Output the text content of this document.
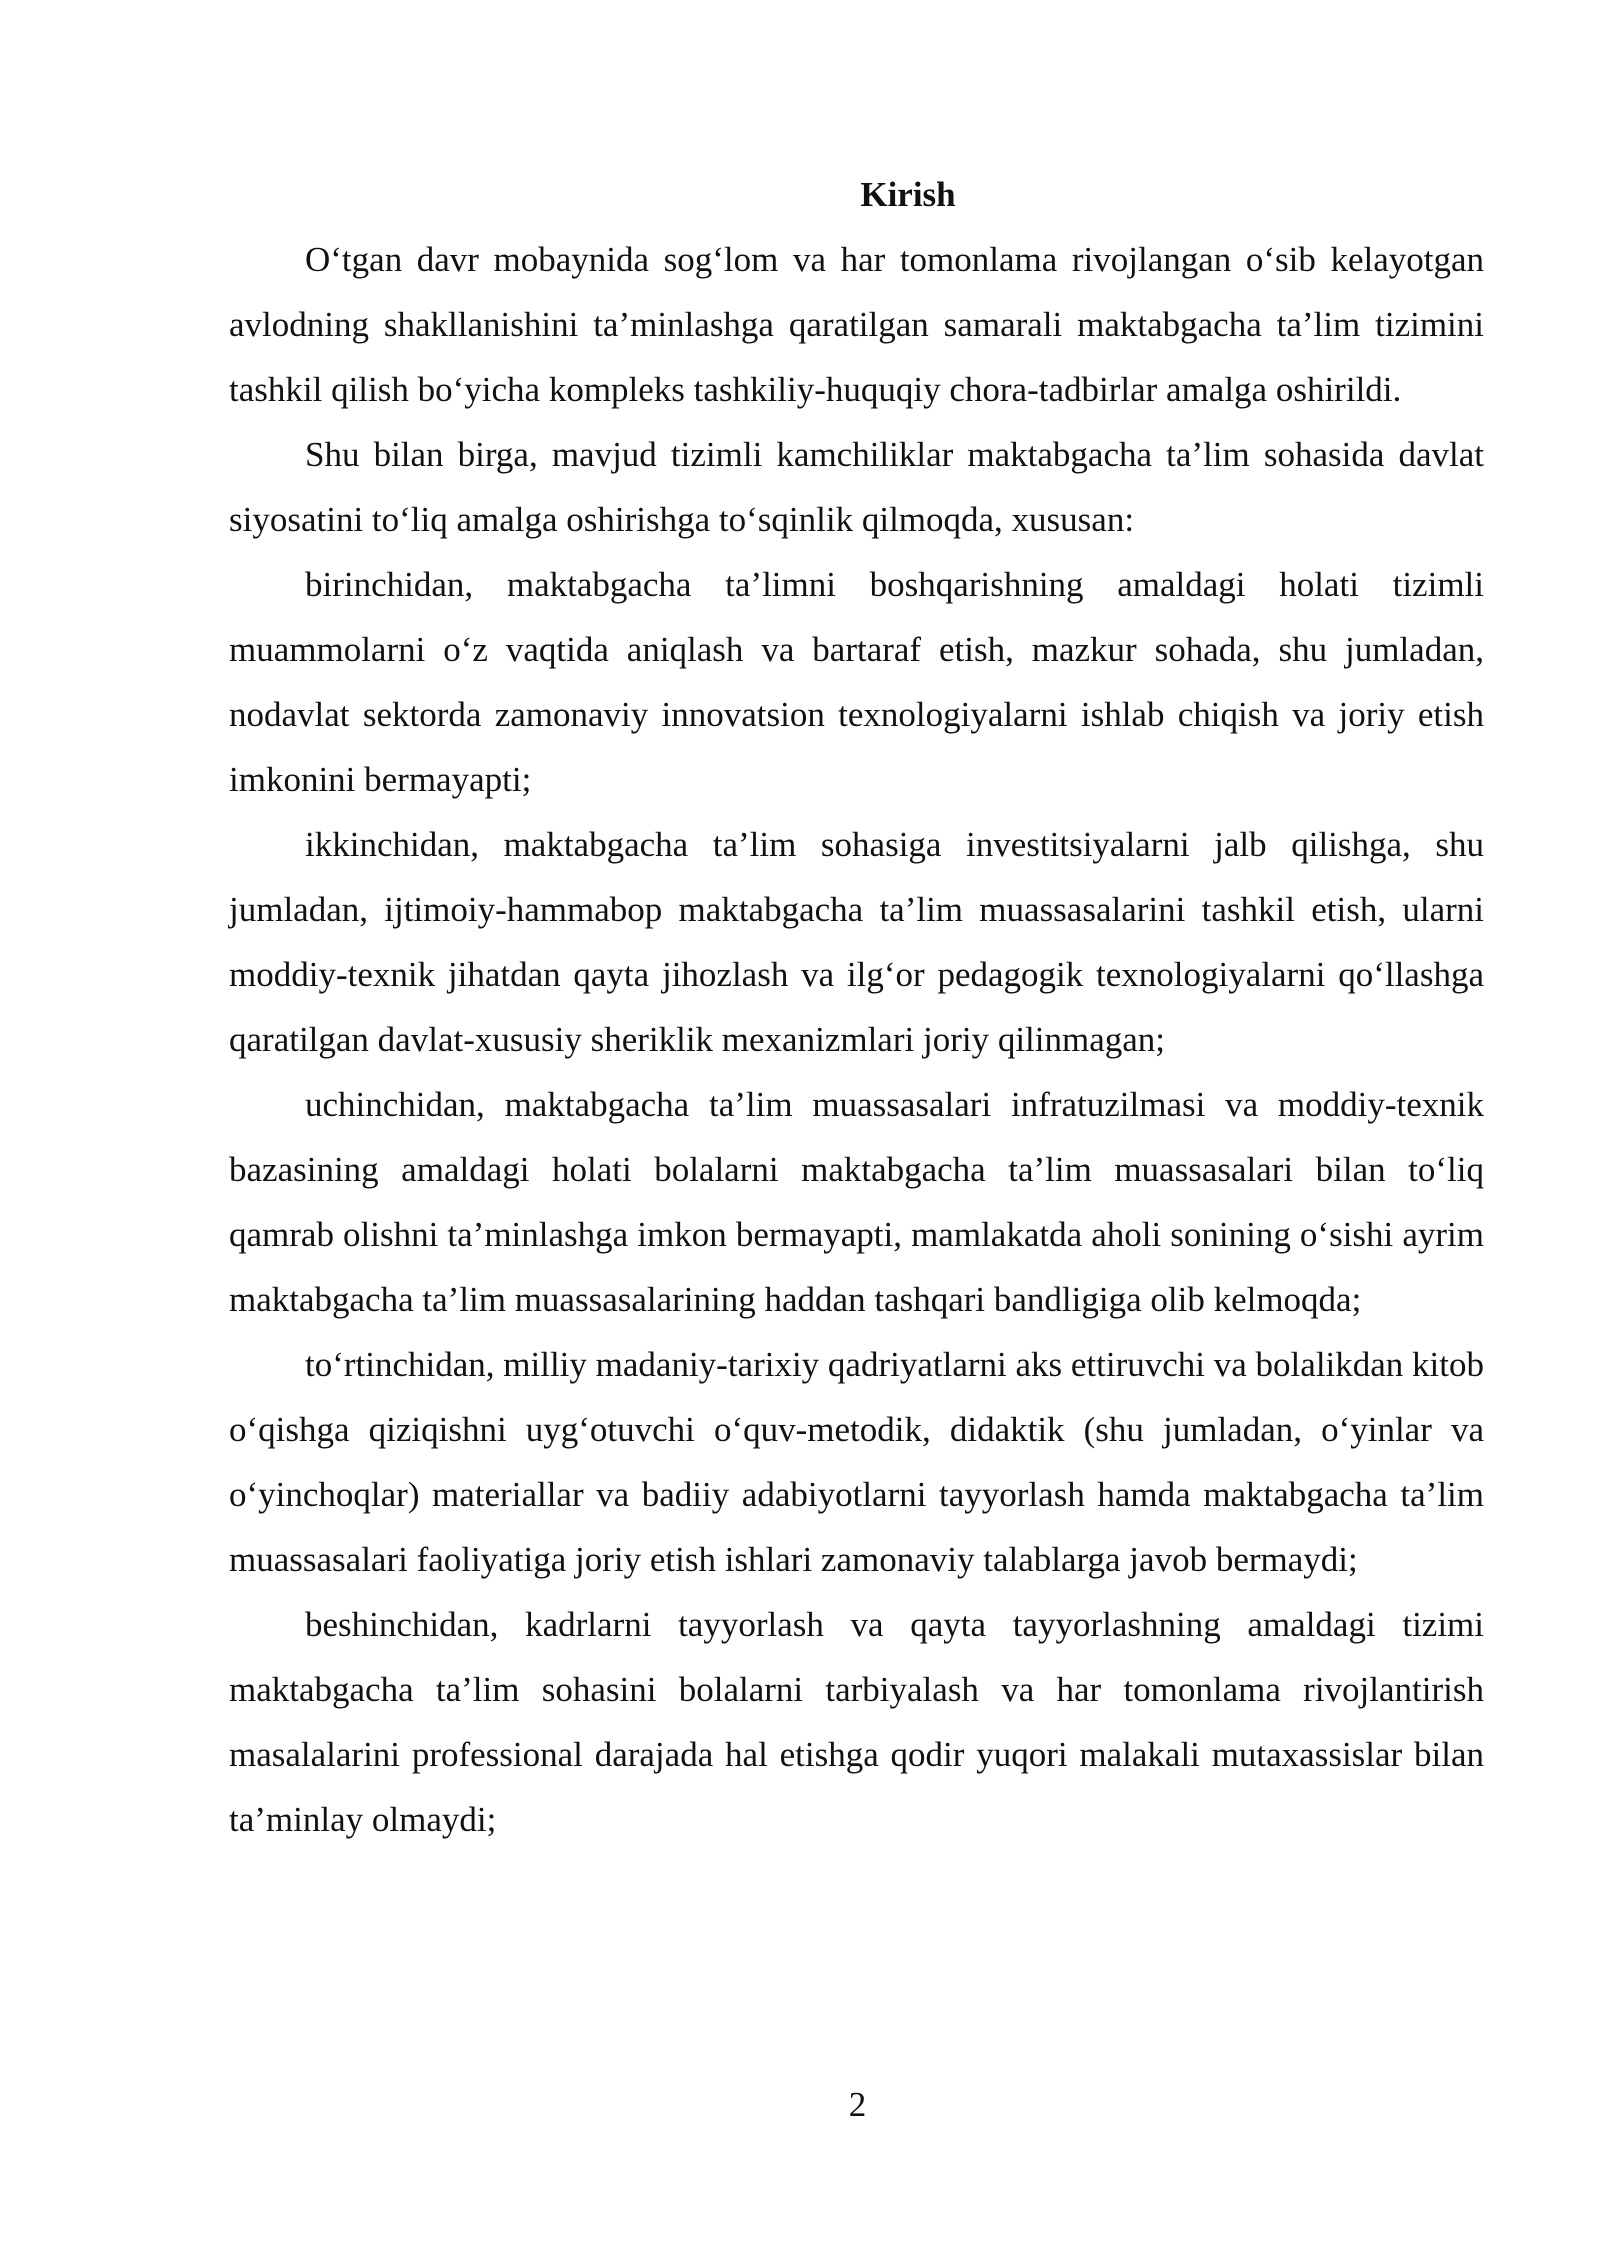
Kirish

O‘tgan davr mobaynida sog‘lom va har tomonlama rivojlangan o‘sib kelayotgan avlodning shakllanishini ta’minlashga qaratilgan samarali maktabgacha ta’lim tizimini tashkil qilish bo‘yicha kompleks tashkiliy-huquqiy chora-tadbirlar amalga oshirildi.

Shu bilan birga, mavjud tizimli kamchiliklar maktabgacha ta’lim sohasida davlat siyosatini to‘liq amalga oshirishga to‘sqinlik qilmoqda, xususan:

birinchidan, maktabgacha ta’limni boshqarishning amaldagi holati tizimli muammolarni o‘z vaqtida aniqlash va bartaraf etish, mazkur sohada, shu jumladan, nodavlat sektorda zamonaviy innovatsion texnologiyalarni ishlab chiqish va joriy etish imkonini bermayapti;

ikkinchidan, maktabgacha ta’lim sohasiga investitsiyalarni jalb qilishga, shu jumladan, ijtimoiy-hammabop maktabgacha ta’lim muassasalarini tashkil etish, ularni moddiy-texnik jihatdan qayta jihozlash va ilg‘or pedagogik texnologiyalarni qo‘llashga qaratilgan davlat-xususiy sheriklik mexanizmlari joriy qilinmagan;

uchinchidan, maktabgacha ta’lim muassasalari infratuzilmasi va moddiy-texnik bazasining amaldagi holati bolalarni maktabgacha ta’lim muassasalari bilan to‘liq qamrab olishni ta’minlashga imkon bermayapti, mamlakatda aholi sonining o‘sishi ayrim maktabgacha ta’lim muassasalarining haddan tashqari bandligiga olib kelmoqda;

to‘rtinchidan, milliy madaniy-tarixiy qadriyatlarni aks ettiruvchi va bolalikdan kitob o‘qishga qiziqishni uyg‘otuvchi o‘quv-metodik, didaktik (shu jumladan, o‘yinlar va o‘yinchoqlar) materiallar va badiiy adabiyotlarni tayyorlash hamda maktabgacha ta’lim muassasalari faoliyatiga joriy etish ishlari zamonaviy talablarga javob bermaydi;

beshinchidan, kadrlarni tayyorlash va qayta tayyorlashning amaldagi tizimi maktabgacha ta’lim sohasini bolalarni tarbiyalash va har tomonlama rivojlantirish masalalarini professional darajada hal etishga qodir yuqori malakali mutaxassislar bilan ta’minlay olmaydi;

2
